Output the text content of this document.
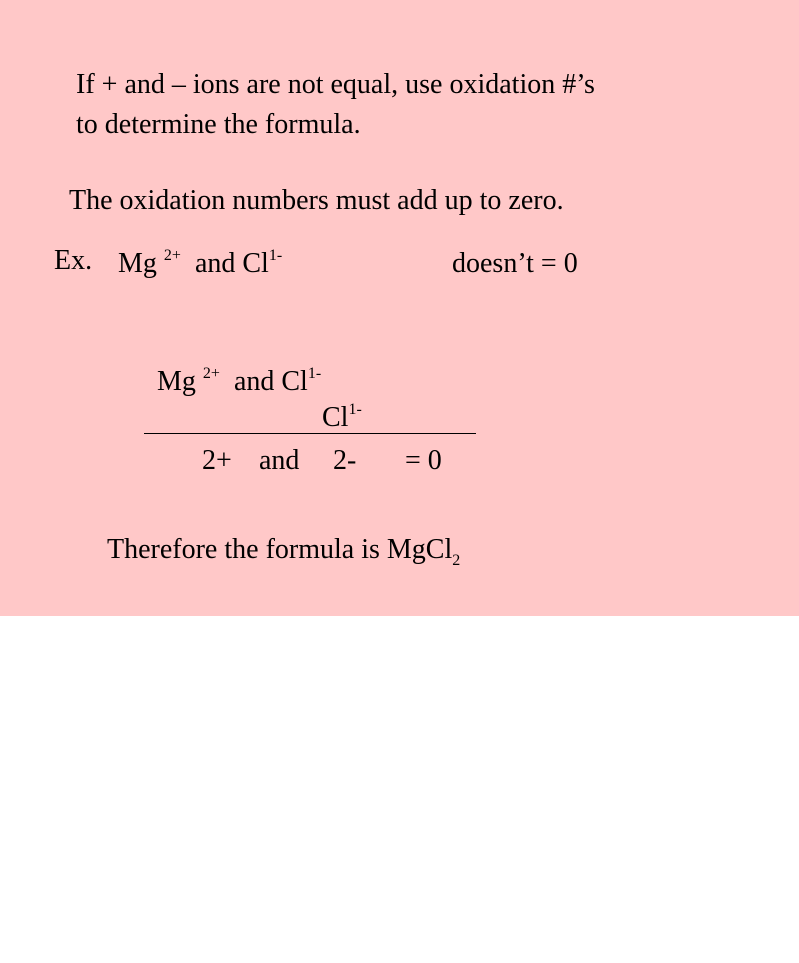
If + and – ions are not equal, use oxidation #’s
to determine the formula.
The oxidation numbers must add up to zero.
Ex. Mg $^{2+}$ and $Cl^{1-}$	doesn’t = 0
Mg $^{2+}$ and $Cl^{1-}$
$Cl^{1-}$
2+ and 2- = 0
Therefore the formula is MgCl$_2$
